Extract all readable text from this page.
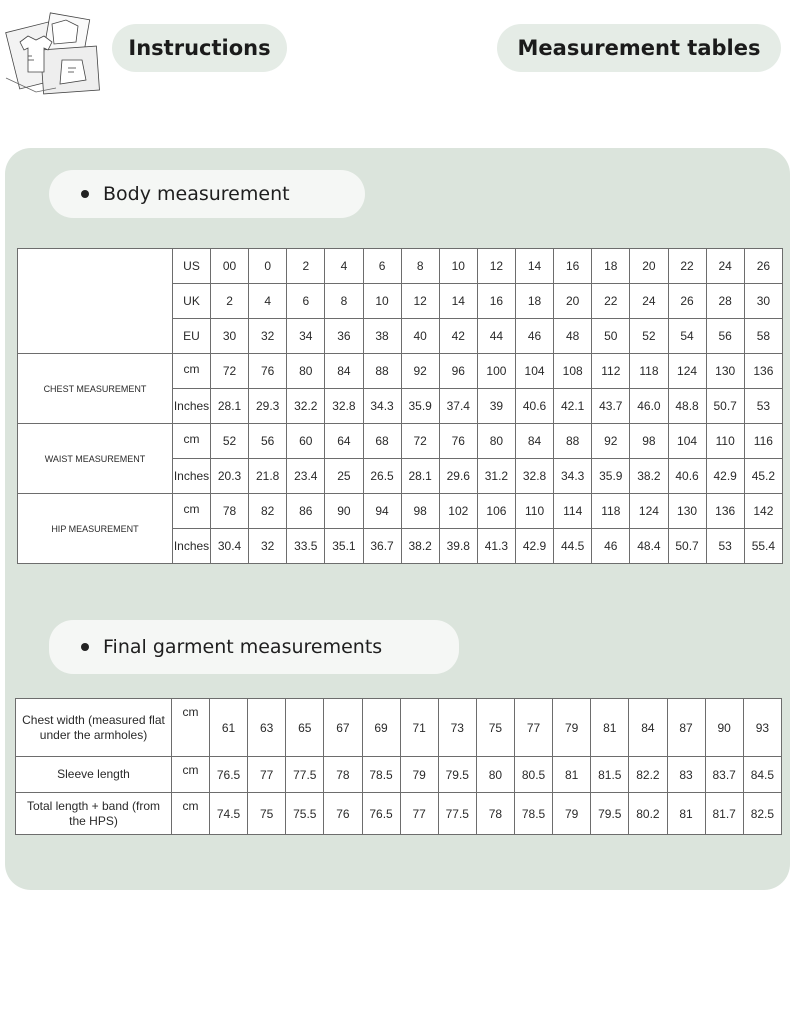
Instructions	Measurement tables
Body measurement
	US	00	0	2	4	6	8	10	12	14	16	18	20	22	24	26
	UK	2	4	6	8	10	12	14	16	18	20	22	24	26	28	30
	EU	30	32	34	36	38	40	42	44	46	48	50	52	54	56	58
CHEST MEASUREMENT	cm	72	76	80	84	88	92	96	100	104	108	112	118	124	130	136
	Inches	28.1	29.3	32.2	32.8	34.3	35.9	37.4	39	40.6	42.1	43.7	46.0	48.8	50.7	53
WAIST MEASUREMENT	cm	52	56	60	64	68	72	76	80	84	88	92	98	104	110	116
	Inches	20.3	21.8	23.4	25	26.5	28.1	29.6	31.2	32.8	34.3	35.9	38.2	40.6	42.9	45.2
HIP MEASUREMENT	cm	78	82	86	90	94	98	102	106	110	114	118	124	130	136	142
	Inches	30.4	32	33.5	35.1	36.7	38.2	39.8	41.3	42.9	44.5	46	48.4	50.7	53	55.4
Final garment measurements
Chest width (measured flat under the armholes)	cm	61	63	65	67	69	71	73	75	77	79	81	84	87	90	93
Sleeve length	cm	76.5	77	77.5	78	78.5	79	79.5	80	80.5	81	81.5	82.2	83	83.7	84.5
Total length + band (from the HPS)	cm	74.5	75	75.5	76	76.5	77	77.5	78	78.5	79	79.5	80.2	81	81.7	82.5
